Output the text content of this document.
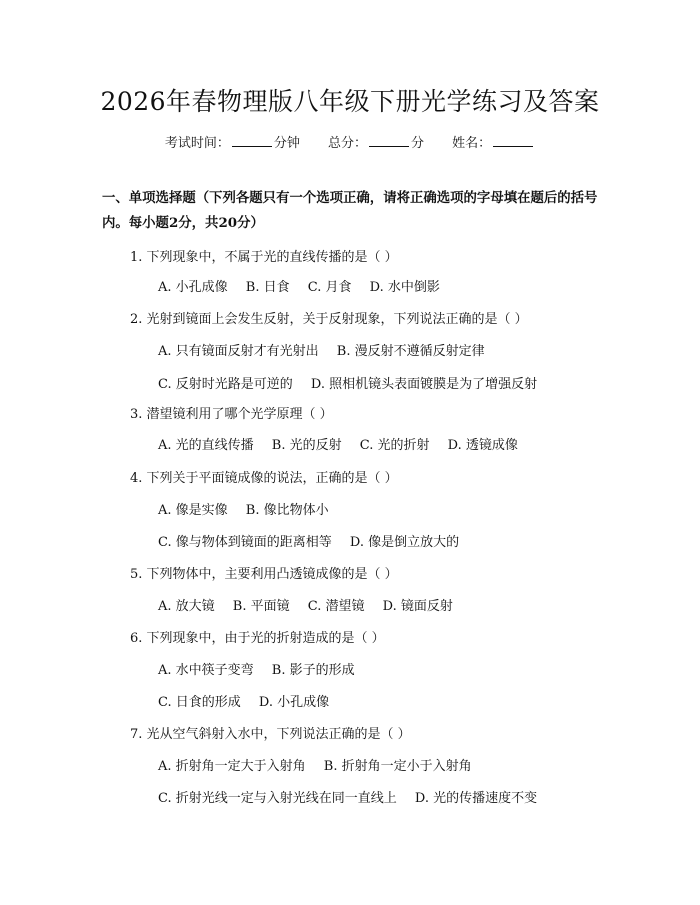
2026年春物理版八年级下册光学练习及答案
考试时间：	分钟 总分：	分 姓名：
一、单项选择题（下列各题只有一个选项正确，请将正确选项的字母填在题后的括号内。每小题2分，共20分）
1. 下列现象中，不属于光的直线传播的是（ ）
A. 小孔成像 B. 日食 C. 月食 D. 水中倒影
2. 光射到镜面上会发生反射，关于反射现象，下列说法正确的是（ ）
A. 只有镜面反射才有光射出 B. 漫反射不遵循反射定律
C. 反射时光路是可逆的 D. 照相机镜头表面镀膜是为了增强反射
3. 潜望镜利用了哪个光学原理（ ）
A. 光的直线传播 B. 光的反射 C. 光的折射 D. 透镜成像
4. 下列关于平面镜成像的说法，正确的是（ ）
A. 像是实像 B. 像比物体小
C. 像与物体到镜面的距离相等 D. 像是倒立放大的
5. 下列物体中，主要利用凸透镜成像的是（ ）
A. 放大镜 B. 平面镜 C. 潜望镜 D. 镜面反射
6. 下列现象中，由于光的折射造成的是（ ）
A. 水中筷子变弯 B. 影子的形成
C. 日食的形成 D. 小孔成像
7. 光从空气斜射入水中，下列说法正确的是（ ）
A. 折射角一定大于入射角 B. 折射角一定小于入射角
C. 折射光线一定与入射光线在同一直线上 D. 光的传播速度不变
